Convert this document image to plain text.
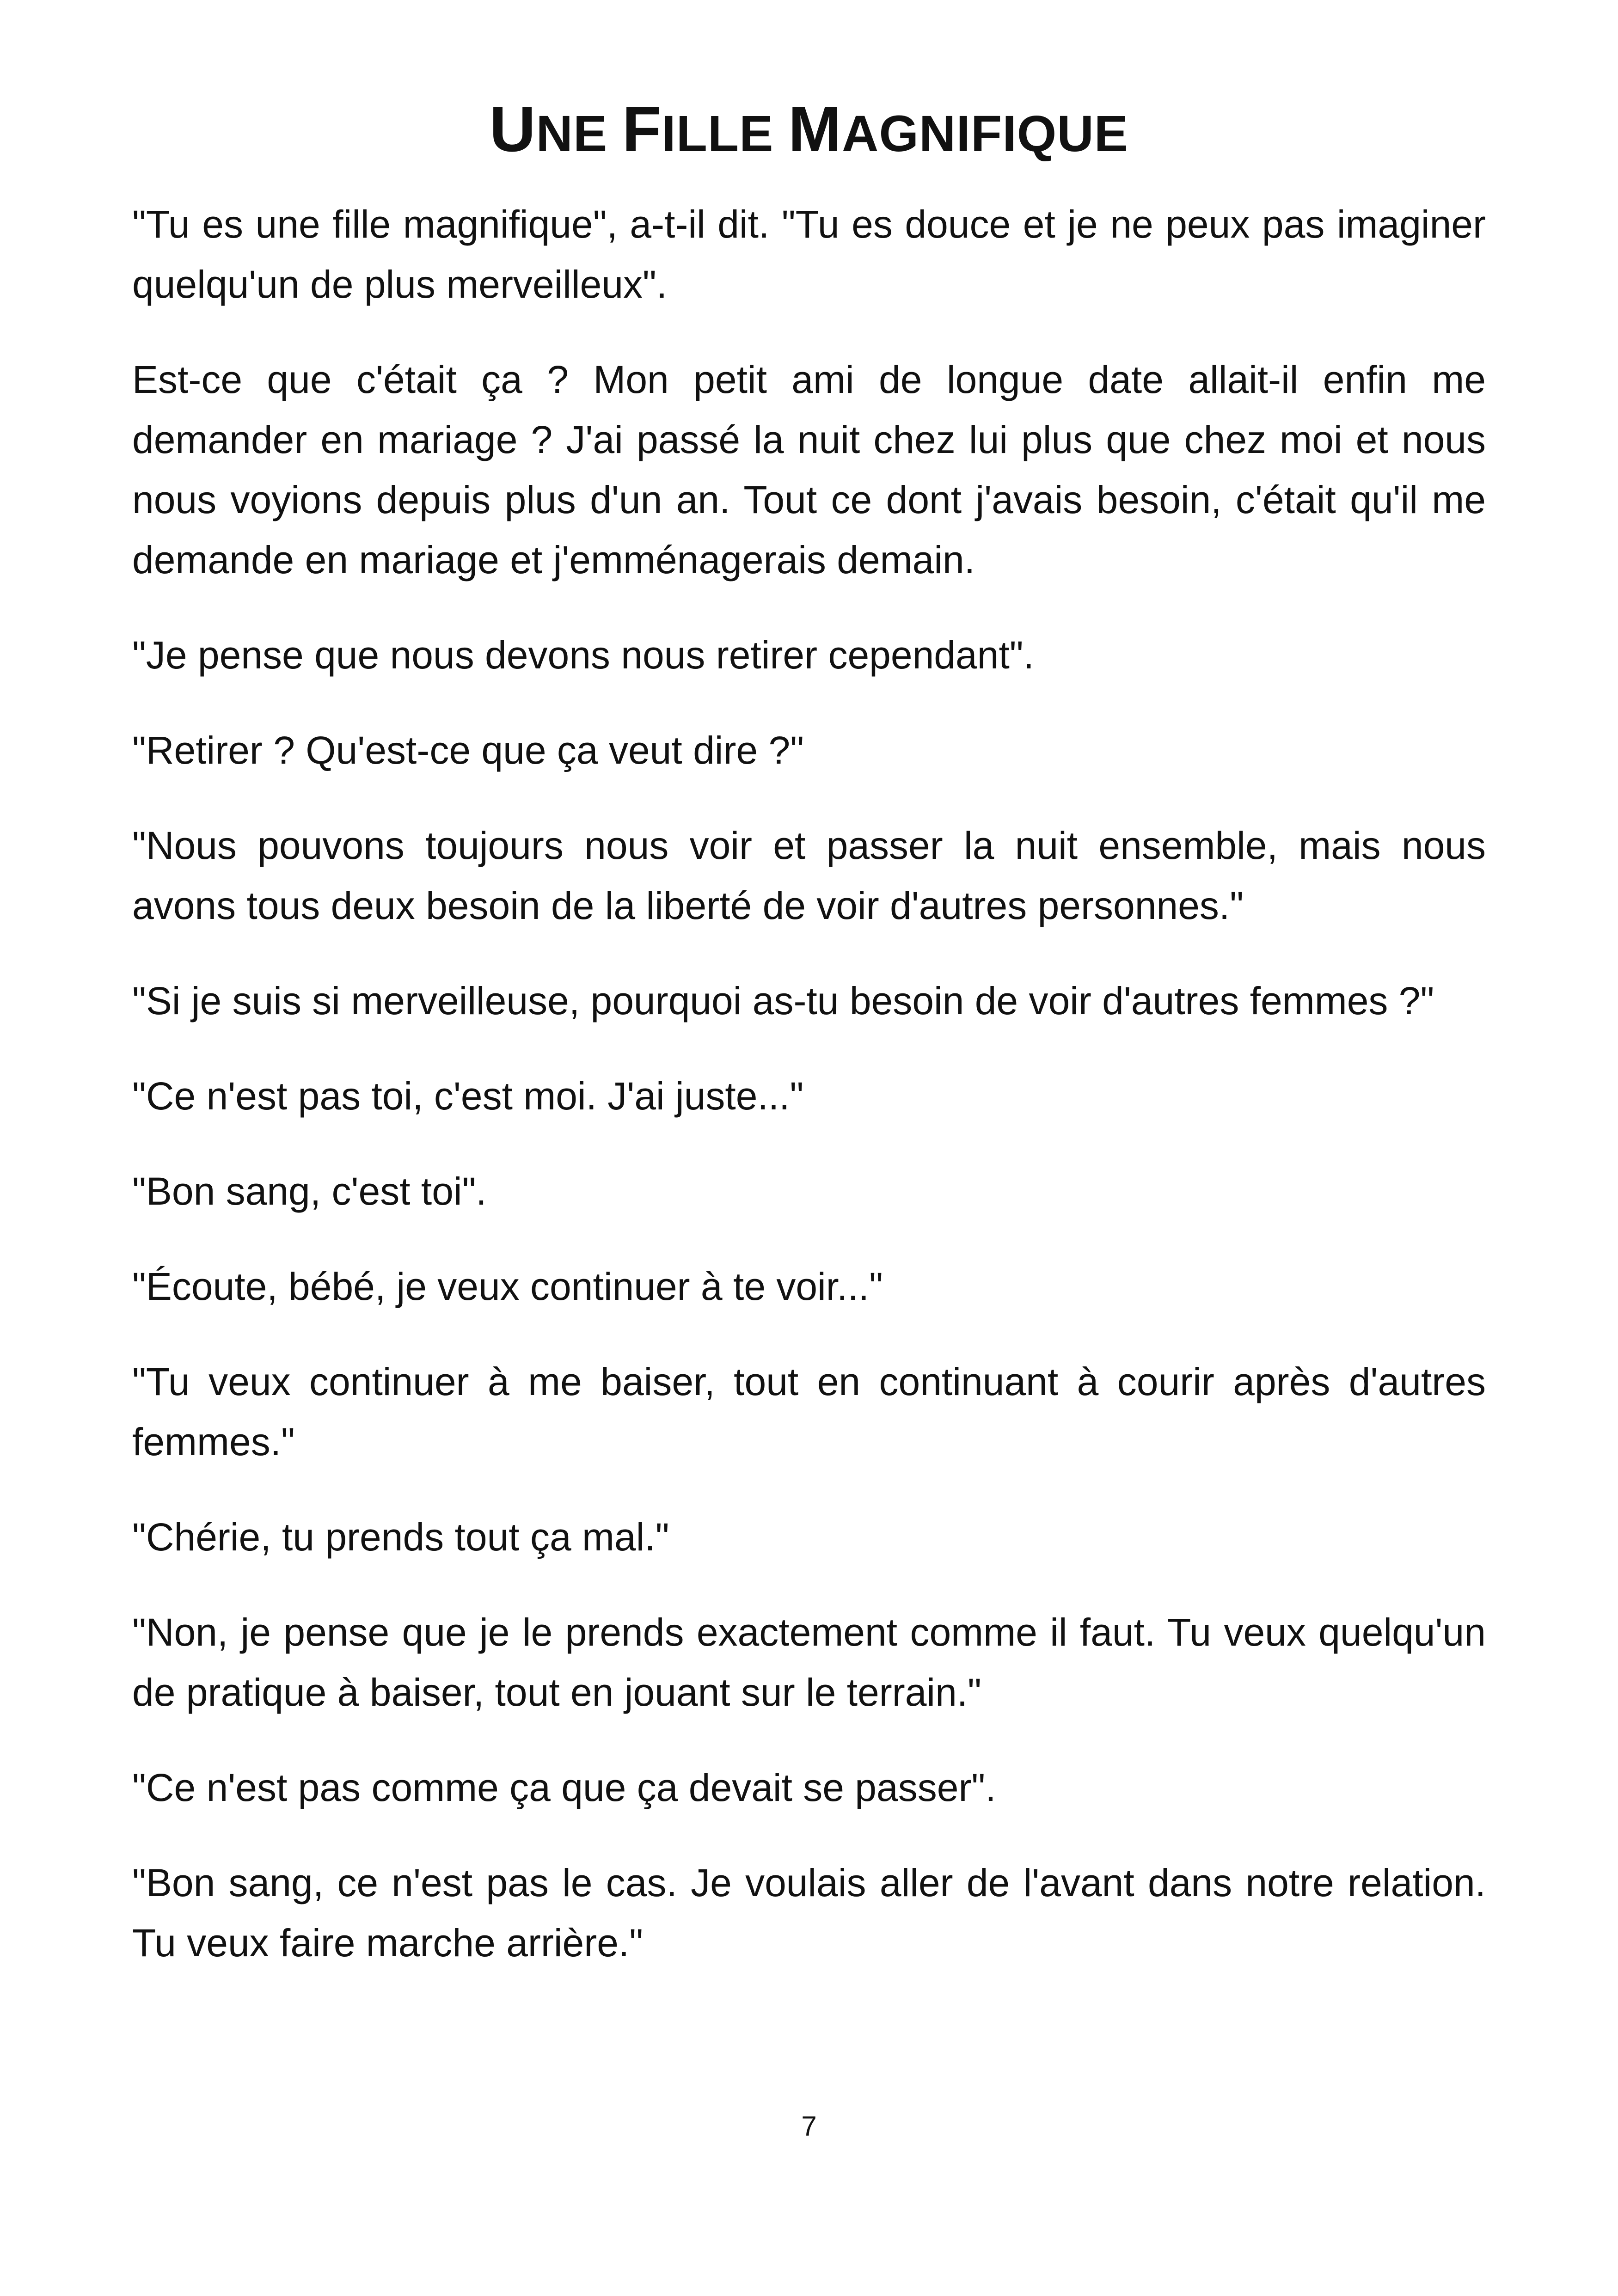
UNE FILLE MAGNIFIQUE

"Tu es une fille magnifique", a-t-il dit. "Tu es douce et je ne peux pas imaginer quelqu'un de plus merveilleux".

Est-ce que c'était ça ? Mon petit ami de longue date allait-il enfin me demander en mariage ? J'ai passé la nuit chez lui plus que chez moi et nous nous voyions depuis plus d'un an. Tout ce dont j'avais besoin, c'était qu'il me demande en mariage et j'emménagerais demain.

"Je pense que nous devons nous retirer cependant".

"Retirer ? Qu'est-ce que ça veut dire ?"

"Nous pouvons toujours nous voir et passer la nuit ensemble, mais nous avons tous deux besoin de la liberté de voir d'autres personnes."

"Si je suis si merveilleuse, pourquoi as-tu besoin de voir d'autres femmes ?"

"Ce n'est pas toi, c'est moi. J'ai juste..."

"Bon sang, c'est toi".

"Écoute, bébé, je veux continuer à te voir..."

"Tu veux continuer à me baiser, tout en continuant à courir après d'autres femmes."

"Chérie, tu prends tout ça mal."

"Non, je pense que je le prends exactement comme il faut. Tu veux quelqu'un de pratique à baiser, tout en jouant sur le terrain."

"Ce n'est pas comme ça que ça devait se passer".

"Bon sang, ce n'est pas le cas. Je voulais aller de l'avant dans notre relation. Tu veux faire marche arrière."

7
